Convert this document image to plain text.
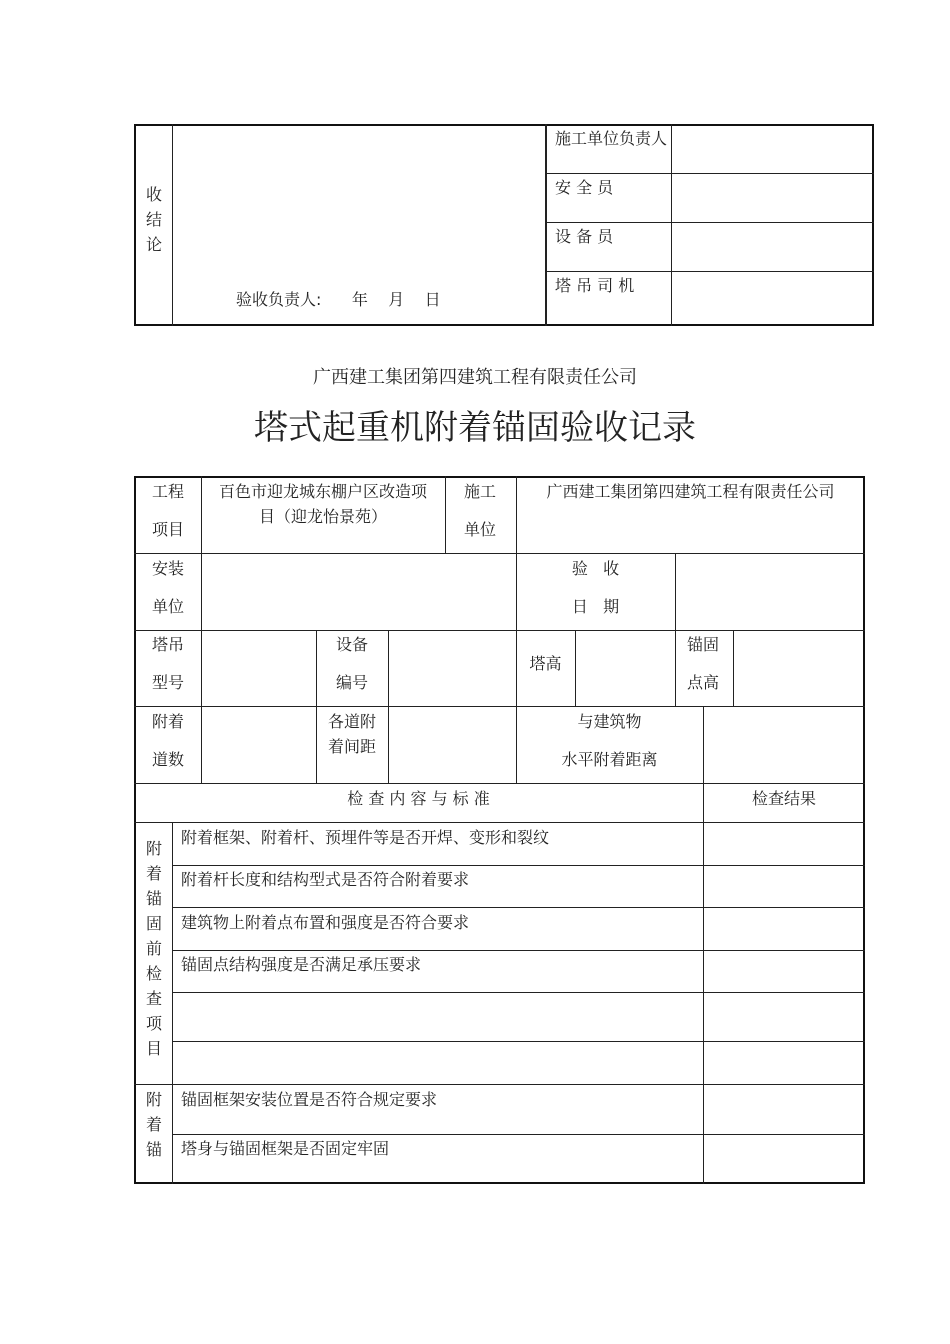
收结论
验收负责人:      年    月    日
施工单位负责人
安 全 员
设 备 员
塔 吊 司 机
广西建工集团第四建筑工程有限责任公司
塔式起重机附着锚固验收记录
工程
项目
百色市迎龙城东棚户区改造项
目（迎龙怡景苑）
施工
单位
广西建工集团第四建筑工程有限责任公司
安装
单位
验   收
日   期
塔吊
型号
设备
编号
塔高
锚固
点高
附着
道数
各道附
着间距
与建筑物
水平附着距离
检 查 内 容 与 标 准	检查结果
附着锚固前检查项目
附着框架、附着杆、预埋件等是否开焊、变形和裂纹
附着杆长度和结构型式是否符合附着要求
建筑物上附着点布置和强度是否符合要求
锚固点结构强度是否满足承压要求
附着锚
锚固框架安装位置是否符合规定要求
塔身与锚固框架是否固定牢固
